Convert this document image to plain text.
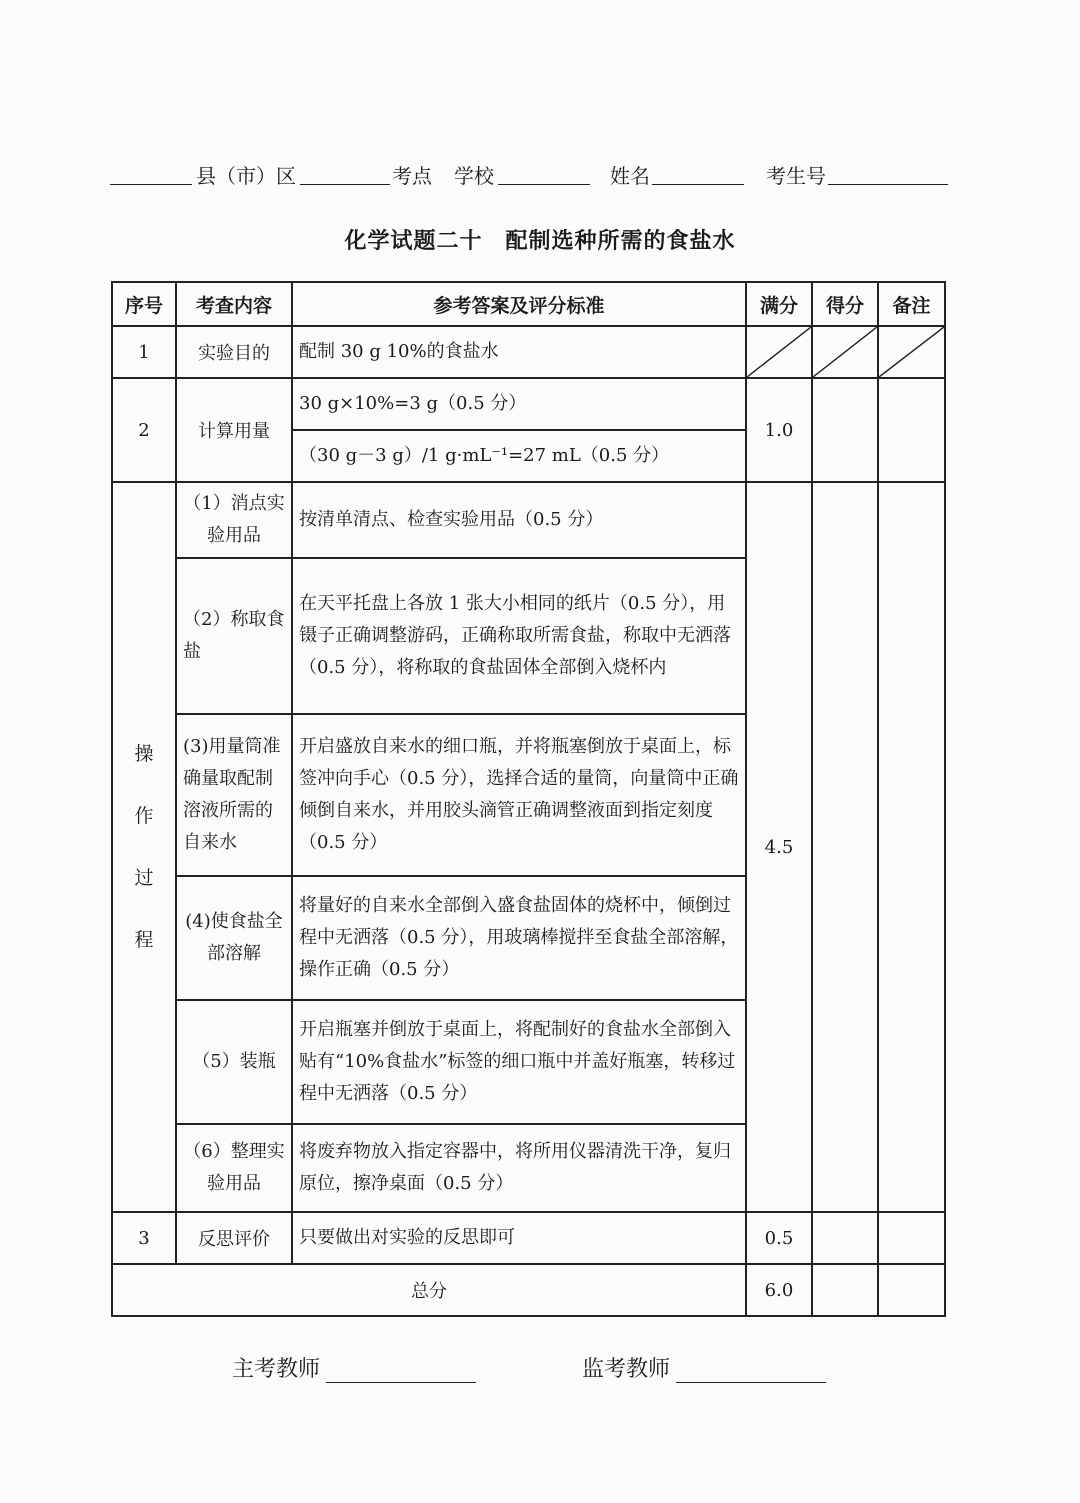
县（市）区	考点 学校	姓名	考生号
化学试题二十　配制选种所需的食盐水
序号	考查内容	参考答案及评分标准	满分	得分	备注
1	实验目的	配制 30 g 10%的食盐水	

2	计算用量	30 g×10%=3 g（0.5 分）	1.0		
		（30 g－3 g）/1 g·mL⁻¹=27 mL（0.5 分）			

操 作 过 程	（1）消点实验用品	按清单清点、检查实验用品（0.5 分）	4.5		
	（2）称取食盐	在天平托盘上各放 1 张大小相同的纸片（0.5 分），用镊子正确调整游码，正确称取所需食盐，称取中无洒落（0.5 分），将称取的食盐固体全部倒入烧杯内			
	(3)用量筒准确量取配制溶液所需的自来水	开启盛放自来水的细口瓶，并将瓶塞倒放于桌面上，标签冲向手心（0.5 分），选择合适的量筒，向量筒中正确倾倒自来水，并用胶头滴管正确调整液面到指定刻度（0.5 分）			
	(4)使食盐全部溶解	将量好的自来水全部倒入盛食盐固体的烧杯中，倾倒过程中无洒落（0.5 分），用玻璃棒搅拌至食盐全部溶解，操作正确（0.5 分）			
	（5）装瓶	开启瓶塞并倒放于桌面上，将配制好的食盐水全部倒入贴有“10%食盐水”标签的细口瓶中并盖好瓶塞，转移过程中无洒落（0.5 分）			
	（6）整理实验用品	将废弃物放入指定容器中，将所用仪器清洗干净，复归原位，擦净桌面（0.5 分）			
3	反思评价	只要做出对实验的反思即可	0.5		
总分			6.0		
主考教师	监考教师
